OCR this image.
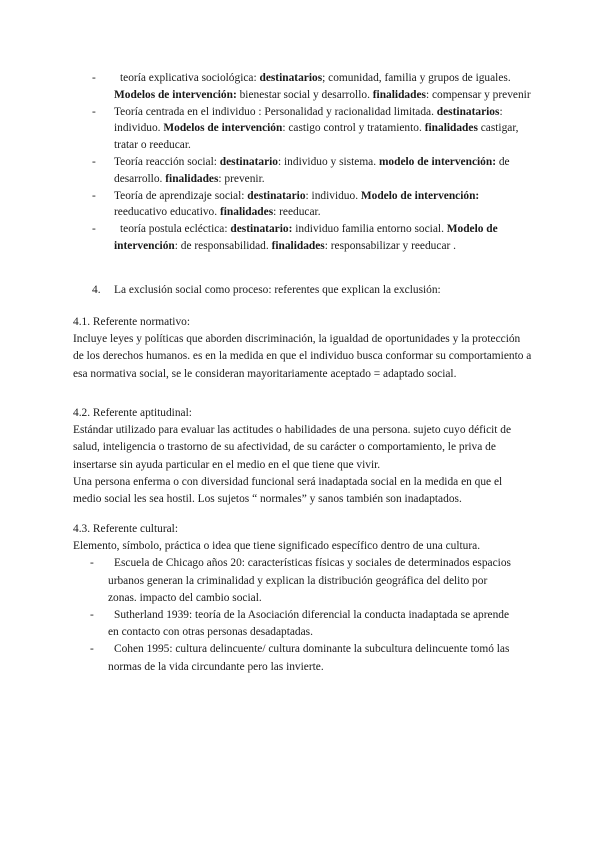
-	teoría explicativa sociológica: destinatarios; comunidad, familia y grupos de iguales. Modelos de intervención: bienestar social y desarrollo. finalidades: compensar y prevenir
- Teoría centrada en el individuo : Personalidad y racionalidad limitada. destinatarios: individuo. Modelos de intervención: castigo control y tratamiento. finalidades castigar, tratar o reeducar.
- Teoría reacción social: destinatario: individuo y sistema. modelo de intervención: de desarrollo. finalidades: prevenir.
- Teoría de aprendizaje social: destinatario: individuo. Modelo de intervención: reeducativo educativo. finalidades: reeducar.
-	teoría postula ecléctica: destinatario: individuo familia entorno social. Modelo de intervención: de responsabilidad. finalidades: responsabilizar y reeducar .
4. La exclusión social como proceso: referentes que explican la exclusión:

4.1. Referente normativo:

Incluye leyes y políticas que aborden discriminación, la igualdad de oportunidades y la protección de los derechos humanos. es en la medida en que el individuo busca conformar su comportamiento a esa normativa social, se le consideran mayoritariamente aceptado = adaptado social.

4.2. Referente aptitudinal:

Estándar utilizado para evaluar las actitudes o habilidades de una persona. sujeto cuyo déficit de salud, inteligencia o trastorno de su afectividad, de su carácter o comportamiento, le priva de insertarse sin ayuda particular en el medio en el que tiene que vivir.

Una persona enferma o con diversidad funcional será inadaptada social en la medida en que el medio social les sea hostil. Los sujetos “ normales” y sanos también son inadaptados.

4.3. Referente cultural:

Elemento, símbolo, práctica o idea que tiene significado específico dentro de una cultura.

-	Escuela de Chicago años 20: características físicas y sociales de determinados espacios urbanos generan la criminalidad y explican la distribución geográfica del delito por zonas. impacto del cambio social.
-	Sutherland 1939: teoría de la Asociación diferencial la conducta inadaptada se aprende en contacto con otras personas desadaptadas.
-	Cohen 1995: cultura delincuente/ cultura dominante la subcultura delincuente tomó las normas de la vida circundante pero las invierte.
